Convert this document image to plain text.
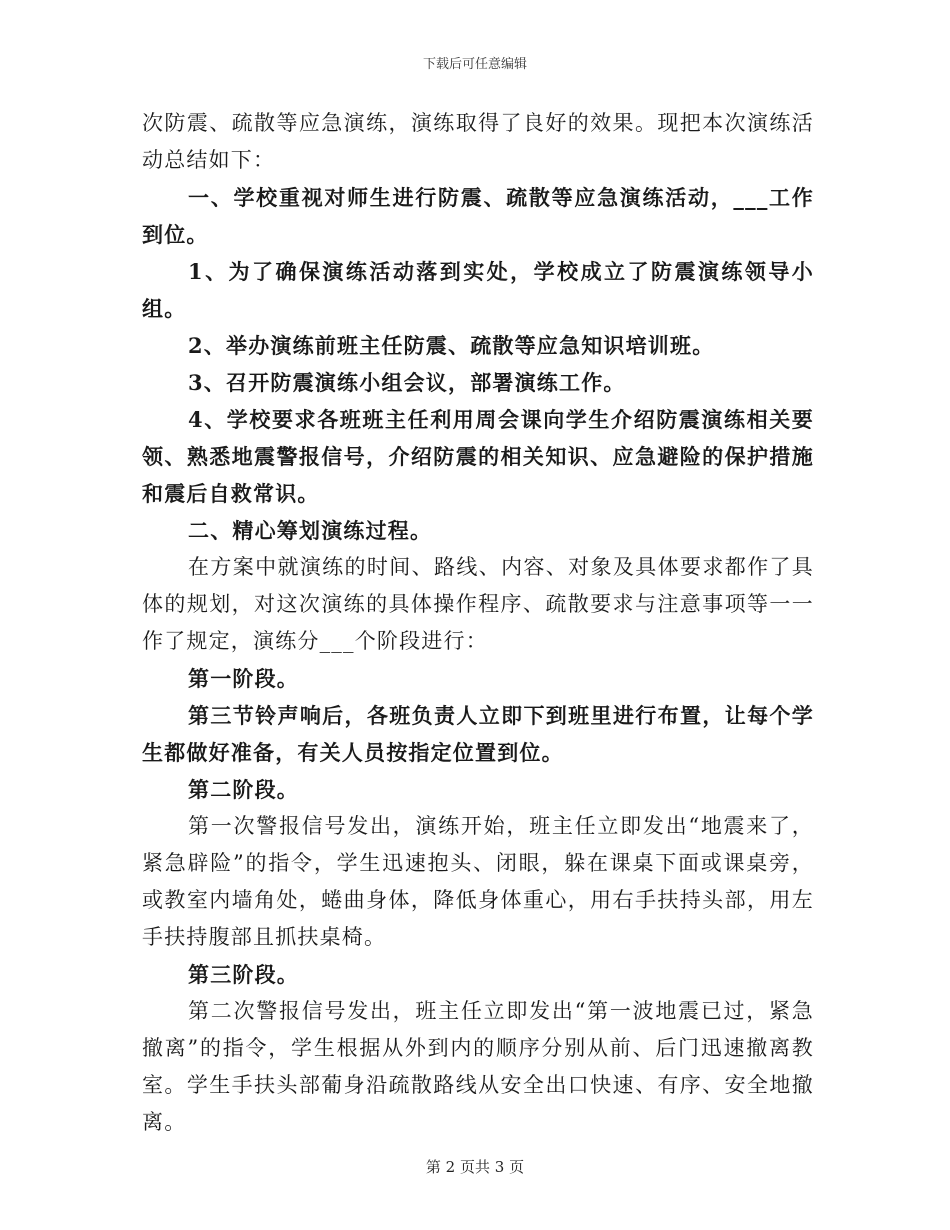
下载后可任意编辑

次防震、疏散等应急演练，演练取得了良好的效果。现把本次演练活动总结如下：

一、学校重视对师生进行防震、疏散等应急演练活动，___工作到位。

1、为了确保演练活动落到实处，学校成立了防震演练领导小组。

2、举办演练前班主任防震、疏散等应急知识培训班。

3、召开防震演练小组会议，部署演练工作。

4、学校要求各班班主任利用周会课向学生介绍防震演练相关要领、熟悉地震警报信号，介绍防震的相关知识、应急避险的保护措施和震后自救常识。

二、精心筹划演练过程。

在方案中就演练的时间、路线、内容、对象及具体要求都作了具体的规划，对这次演练的具体操作程序、疏散要求与注意事项等一一作了规定，演练分___个阶段进行：

第一阶段。

第三节铃声响后，各班负责人立即下到班里进行布置，让每个学生都做好准备，有关人员按指定位置到位。

第二阶段。

第一次警报信号发出，演练开始，班主任立即发出“地震来了，紧急辟险”的指令，学生迅速抱头、闭眼，躲在课桌下面或课桌旁，或教室内墙角处，蜷曲身体，降低身体重心，用右手扶持头部，用左手扶持腹部且抓扶桌椅。

第三阶段。

第二次警报信号发出，班主任立即发出“第一波地震已过，紧急撤离”的指令，学生根据从外到内的顺序分别从前、后门迅速撤离教室。学生手扶头部葡身沿疏散路线从安全出口快速、有序、安全地撤离。

第 2 页共 3 页
